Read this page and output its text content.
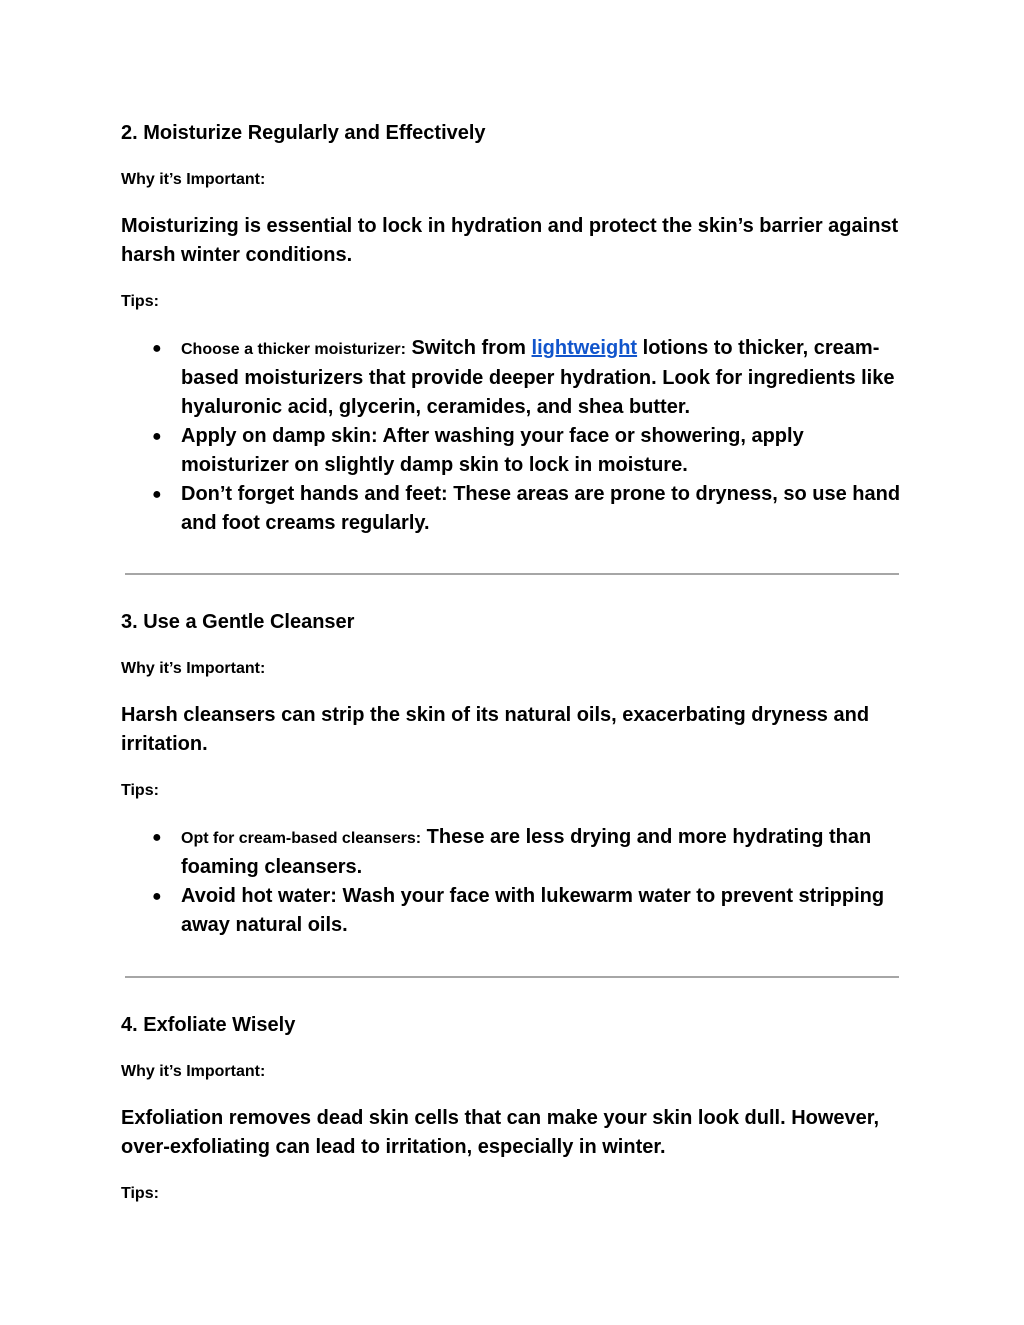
2. Moisturize Regularly and Effectively

Why it’s Important:

Moisturizing is essential to lock in hydration and protect the skin’s barrier against harsh winter conditions.

Tips:

● Choose a thicker moisturizer: Switch from lightweight lotions to thicker, cream-based moisturizers that provide deeper hydration. Look for ingredients like hyaluronic acid, glycerin, ceramides, and shea butter.
● Apply on damp skin: After washing your face or showering, apply moisturizer on slightly damp skin to lock in moisture.
● Don’t forget hands and feet: These areas are prone to dryness, so use hand and foot creams regularly.
3. Use a Gentle Cleanser

Why it’s Important:

Harsh cleansers can strip the skin of its natural oils, exacerbating dryness and irritation.

Tips:

● Opt for cream-based cleansers: These are less drying and more hydrating than foaming cleansers.
● Avoid hot water: Wash your face with lukewarm water to prevent stripping away natural oils.
4. Exfoliate Wisely

Why it’s Important:

Exfoliation removes dead skin cells that can make your skin look dull. However, over-exfoliating can lead to irritation, especially in winter.

Tips:
